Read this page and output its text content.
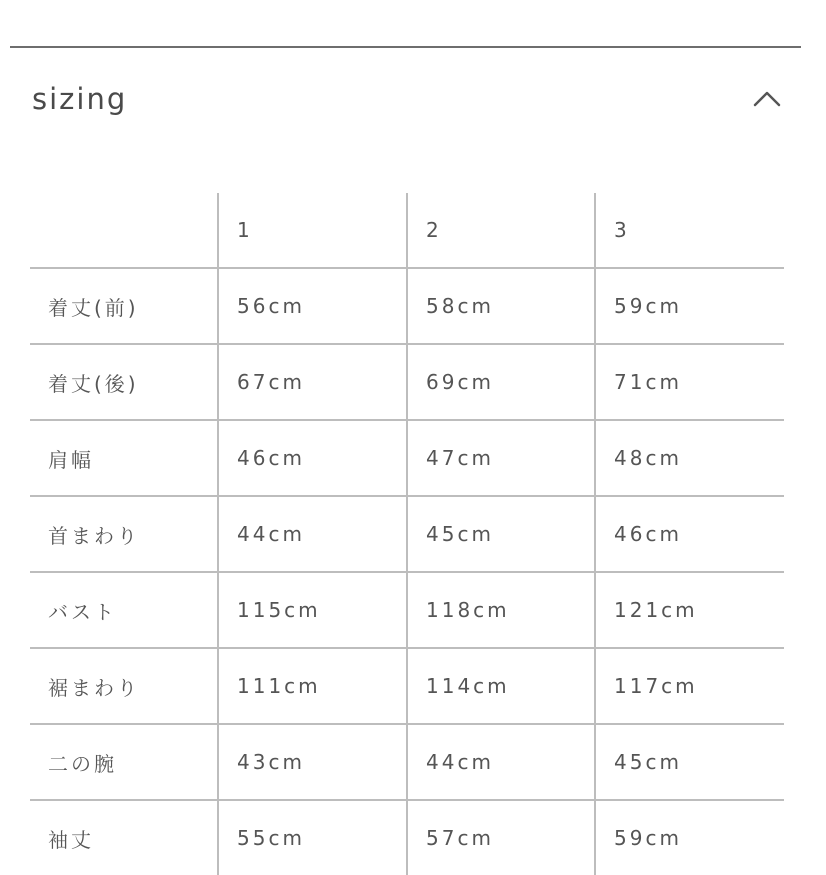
sizing

	1	2	3

着丈(前)	56cm	58cm	59cm

着丈(後)	67cm	69cm	71cm

肩幅	46cm	47cm	48cm

首まわり	44cm	45cm	46cm

バスト	115cm	118cm	121cm

裾まわり	111cm	114cm	117cm

二の腕	43cm	44cm	45cm

袖丈	55cm	57cm	59cm
